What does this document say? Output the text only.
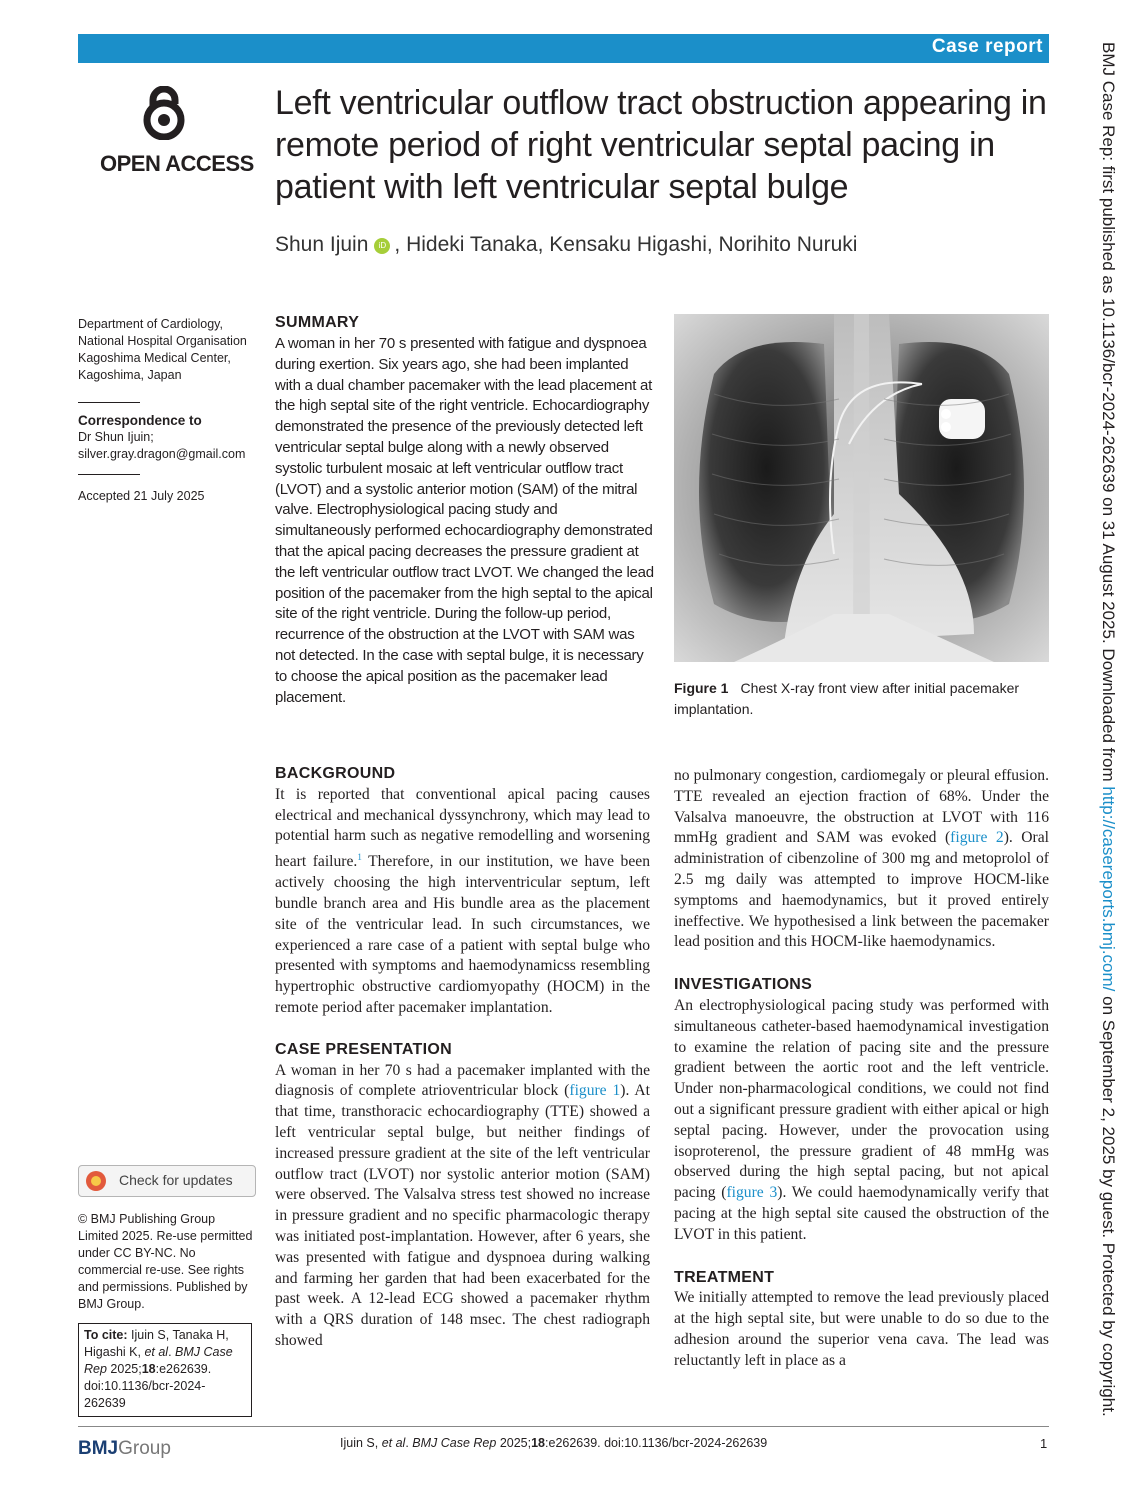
Case report
OPEN ACCESS
Left ventricular outflow tract obstruction appearing in remote period of right ventricular septal pacing in patient with left ventricular septal bulge
Shun Ijuin iD , Hideki Tanaka, Kensaku Higashi, Norihito Nuruki
Department of Cardiology,
National Hospital Organisation
Kagoshima Medical Center,
Kagoshima, Japan
Correspondence to
Dr Shun Ijuin;
silver.gray.dragon@gmail.com
Accepted 21 July 2025
SUMMARY

A woman in her 70 s presented with fatigue and dyspnoea during exertion. Six years ago, she had been implanted with a dual chamber pacemaker with the lead placement at the high septal site of the right ventricle. Echocardiography demonstrated the presence of the previously detected left ventricular septal bulge along with a newly observed systolic turbulent mosaic at left ventricular outflow tract (LVOT) and a systolic anterior motion (SAM) of the mitral valve. Electrophysiological pacing study and simultaneously performed echocardiography demonstrated that the apical pacing decreases the pressure gradient at the left ventricular outflow tract LVOT. We changed the lead position of the pacemaker from the high septal to the apical site of the right ventricle. During the follow-up period, recurrence of the obstruction at the LVOT with SAM was not detected. In the case with septal bulge, it is necessary to choose the apical position as the pacemaker lead placement.

Figure 1 Chest X-ray front view after initial pacemaker implantation.
BACKGROUND

It is reported that conventional apical pacing causes electrical and mechanical dyssynchrony, which may lead to potential harm such as negative remodelling and worsening heart failure.$^1$ Therefore, in our institution, we have been actively choosing the high interventricular septum, left bundle branch area and His bundle area as the placement site of the ventricular lead. In such circumstances, we experienced a rare case of a patient with septal bulge who presented with symptoms and haemodynamicss resembling hypertrophic obstructive cardiomyopathy (HOCM) in the remote period after pacemaker implantation.

CASE PRESENTATION

A woman in her 70 s had a pacemaker implanted with the diagnosis of complete atrioventricular block (figure 1). At that time, transthoracic echocardiography (TTE) showed a left ventricular septal bulge, but neither findings of increased pressure gradient at the site of the left ventricular outflow tract (LVOT) nor systolic anterior motion (SAM) were observed. The Valsalva stress test showed no increase in pressure gradient and no specific pharmacologic therapy was initiated post-implantation. However, after 6 years, she was presented with fatigue and dyspnoea during walking and farming her garden that had been exacerbated for the past week. A 12-lead ECG showed a pacemaker rhythm with a QRS duration of 148 msec. The chest radiograph showed

no pulmonary congestion, cardiomegaly or pleural effusion. TTE revealed an ejection fraction of 68%. Under the Valsalva manoeuvre, the obstruction at LVOT with 116 mmHg gradient and SAM was evoked (figure 2). Oral administration of cibenzoline of 300 mg and metoprolol of 2.5 mg daily was attempted to improve HOCM-like symptoms and haemodynamics, but it proved entirely ineffective. We hypothesised a link between the pacemaker lead position and this HOCM-like haemodynamics.

INVESTIGATIONS

An electrophysiological pacing study was performed with simultaneous catheter-based haemodynamical investigation to examine the relation of pacing site and the pressure gradient between the aortic root and the left ventricle. Under non-pharmacological conditions, we could not find out a significant pressure gradient with either apical or high septal pacing. However, under the provocation using isoproterenol, the pressure gradient of 48 mmHg was observed during the high septal pacing, but not apical pacing (figure 3). We could haemodynamically verify that pacing at the high septal site caused the obstruction of the LVOT in this patient.

TREATMENT

We initially attempted to remove the lead previously placed at the high septal site, but were unable to do so due to the adhesion around the superior vena cava. The lead was reluctantly left in place as a

Check for updates
© BMJ Publishing Group Limited 2025. Re-use permitted under CC BY-NC. No commercial re-use. See rights and permissions. Published by BMJ Group.
To cite: Ijuin S, Tanaka H, Higashi K, et al. BMJ Case Rep 2025;18:e262639. doi:10.1136/bcr-2024-262639
BMJGroup	Ijuin S, et al. BMJ Case Rep 2025;18:e262639. doi:10.1136/bcr-2024-262639	1
BMJ Case Rep: first published as 10.1136/bcr-2024-262639 on 31 August 2025. Downloaded from http://casereports.bmj.com/ on September 2, 2025 by guest. Protected by copyright.
